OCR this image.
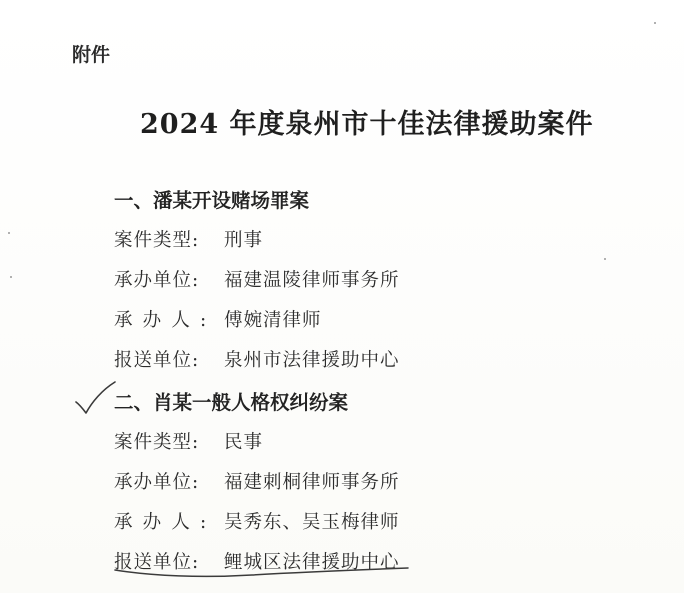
附件
2024 年度泉州市十佳法律援助案件
一、潘某开设赌场罪案
案件类型: 刑事
承办单位: 福建温陵律师事务所
承办人: 傅婉清律师
报送单位: 泉州市法律援助中心
二、肖某一般人格权纠纷案
案件类型: 民事
承办单位: 福建刺桐律师事务所
承办人: 吴秀东、吴玉梅律师
报送单位: 鲤城区法律援助中心
